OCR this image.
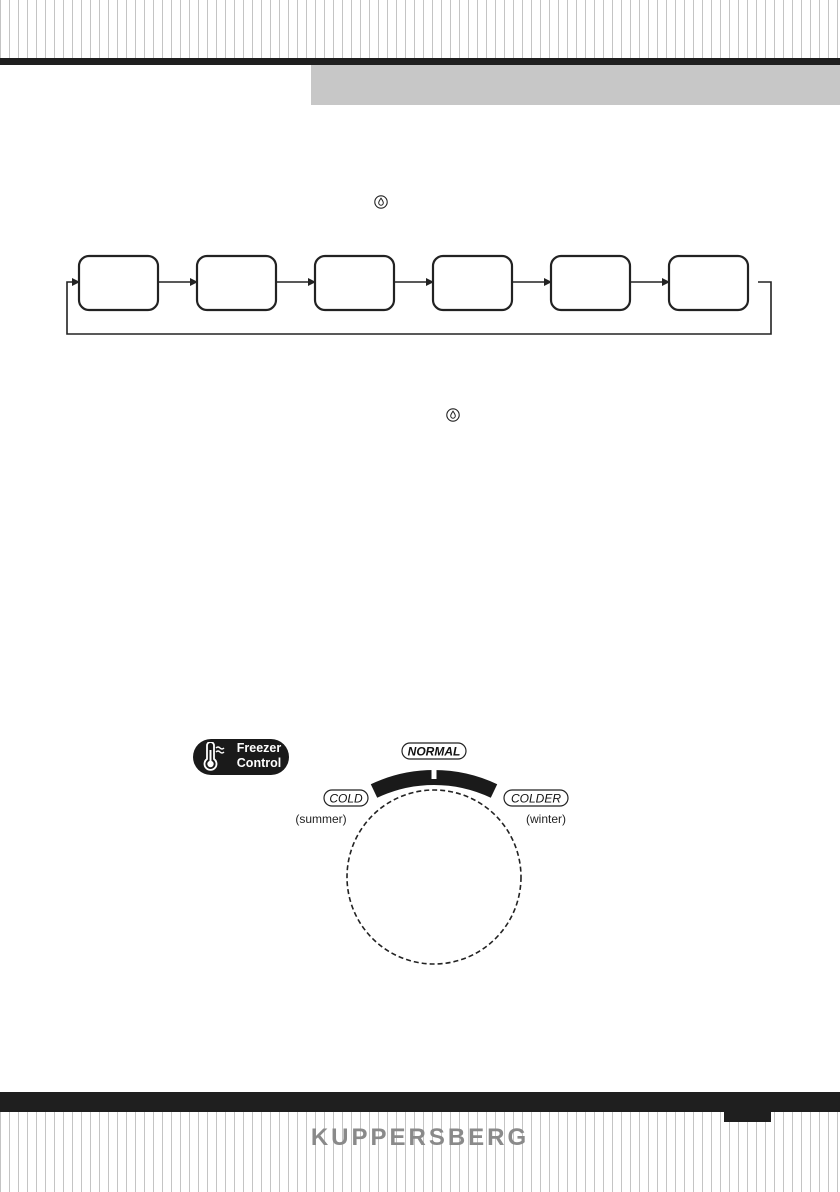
Freezer
Control
NORMAL
COLD
(summer)
COLDER
(winter)
KUPPERSBERG
